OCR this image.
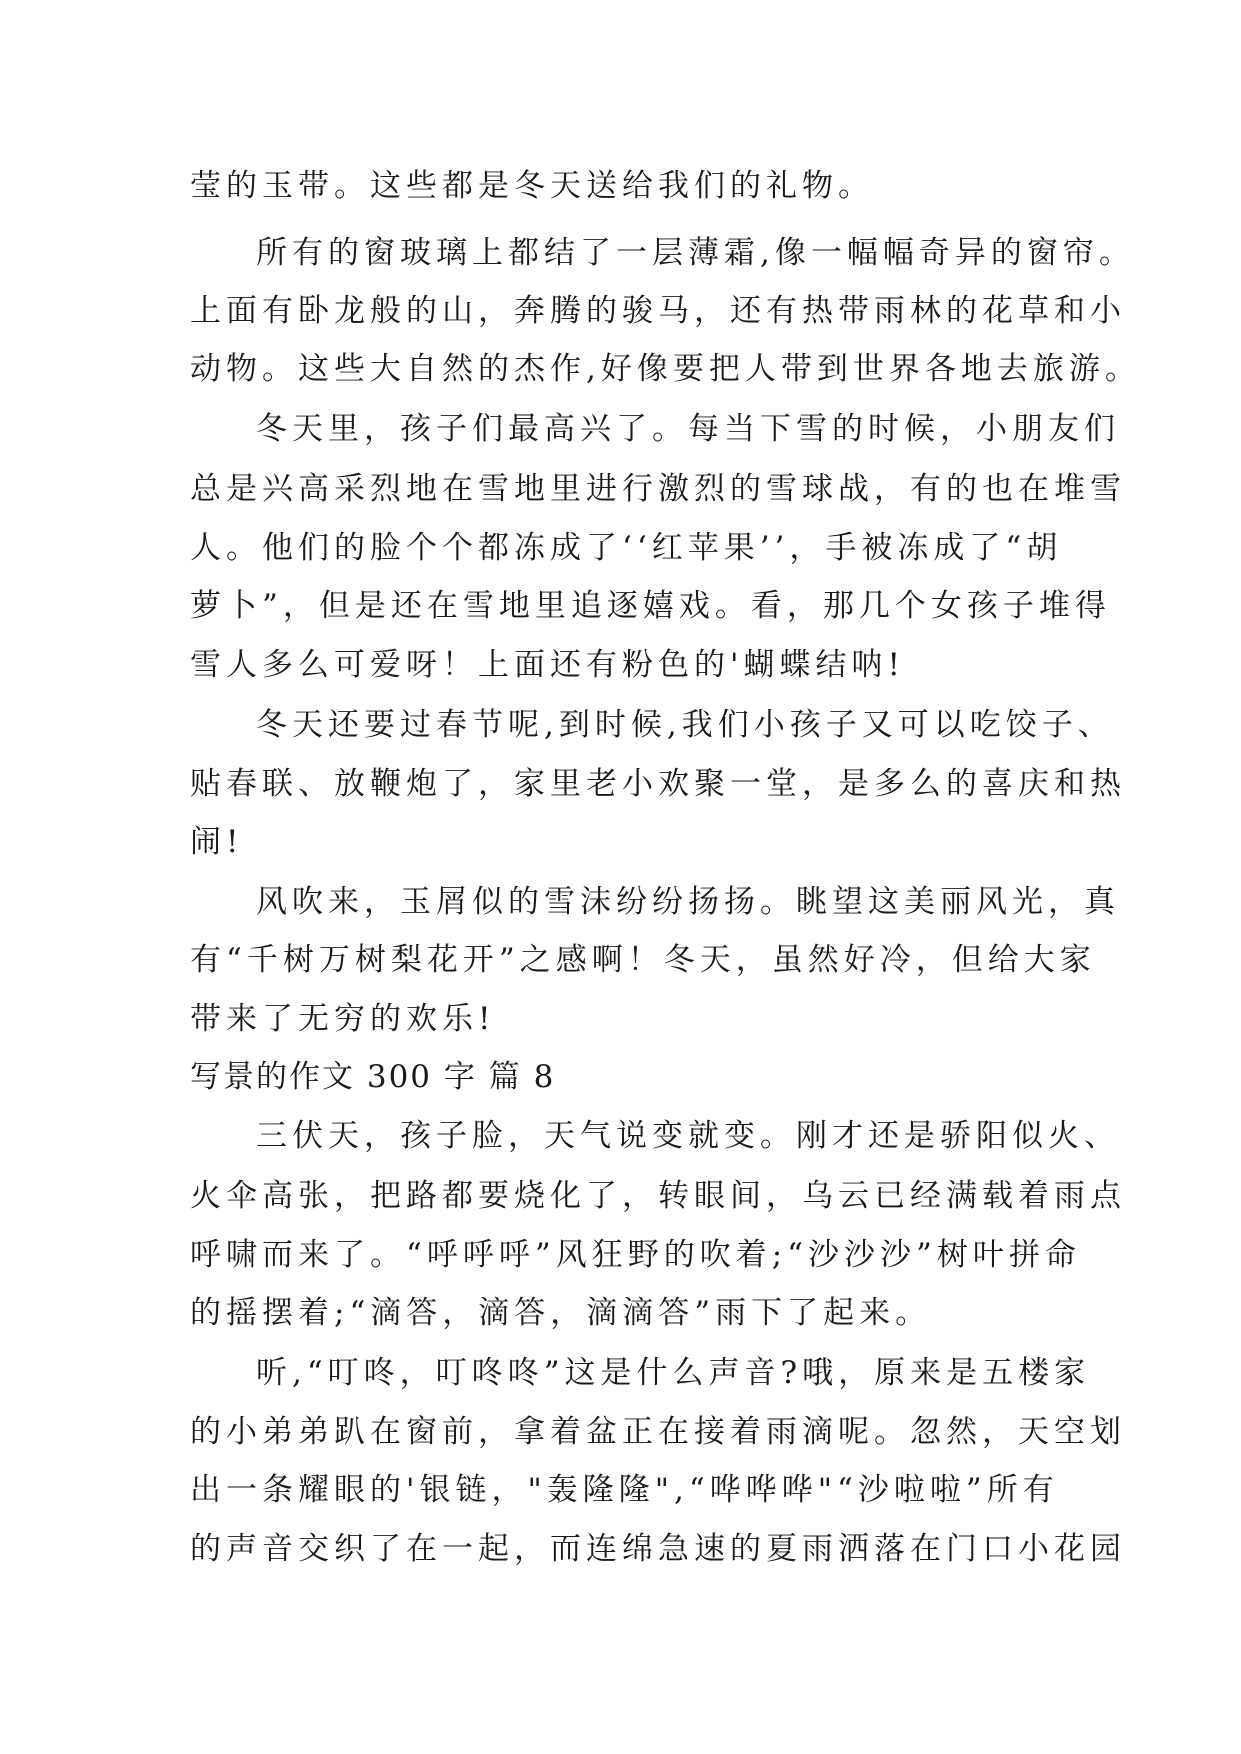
莹的玉带。这些都是冬天送给我们的礼物。
所有的窗玻璃上都结了一层薄霜,像一幅幅奇异的窗帘。
上面有卧龙般的山，奔腾的骏马，还有热带雨林的花草和小
动物。这些大自然的杰作,好像要把人带到世界各地去旅游。
冬天里，孩子们最高兴了。每当下雪的时候，小朋友们
总是兴高采烈地在雪地里进行激烈的雪球战，有的也在堆雪
人。他们的脸个个都冻成了‘‘红苹果’’，手被冻成了“胡
萝卜”，但是还在雪地里追逐嬉戏。看，那几个女孩子堆得
雪人多么可爱呀！上面还有粉色的'蝴蝶结呐!
冬天还要过春节呢,到时候,我们小孩子又可以吃饺子、
贴春联、放鞭炮了，家里老小欢聚一堂，是多么的喜庆和热
闹!
风吹来，玉屑似的雪沫纷纷扬扬。眺望这美丽风光，真
有“千树万树梨花开”之感啊！冬天，虽然好冷，但给大家
带来了无穷的欢乐!
写景的作文 300 字 篇 8
三伏天，孩子脸，天气说变就变。刚才还是骄阳似火、
火伞高张，把路都要烧化了，转眼间，乌云已经满载着雨点
呼啸而来了。“呼呼呼”风狂野的吹着;“沙沙沙”树叶拼命
的摇摆着;“滴答，滴答，滴滴答”雨下了起来。
听,“叮咚，叮咚咚”这是什么声音?哦，原来是五楼家
的小弟弟趴在窗前，拿着盆正在接着雨滴呢。忽然，天空划
出一条耀眼的'银链，"轰隆隆",“哗哗哗"“沙啦啦”所有
的声音交织了在一起，而连绵急速的夏雨洒落在门口小花园
